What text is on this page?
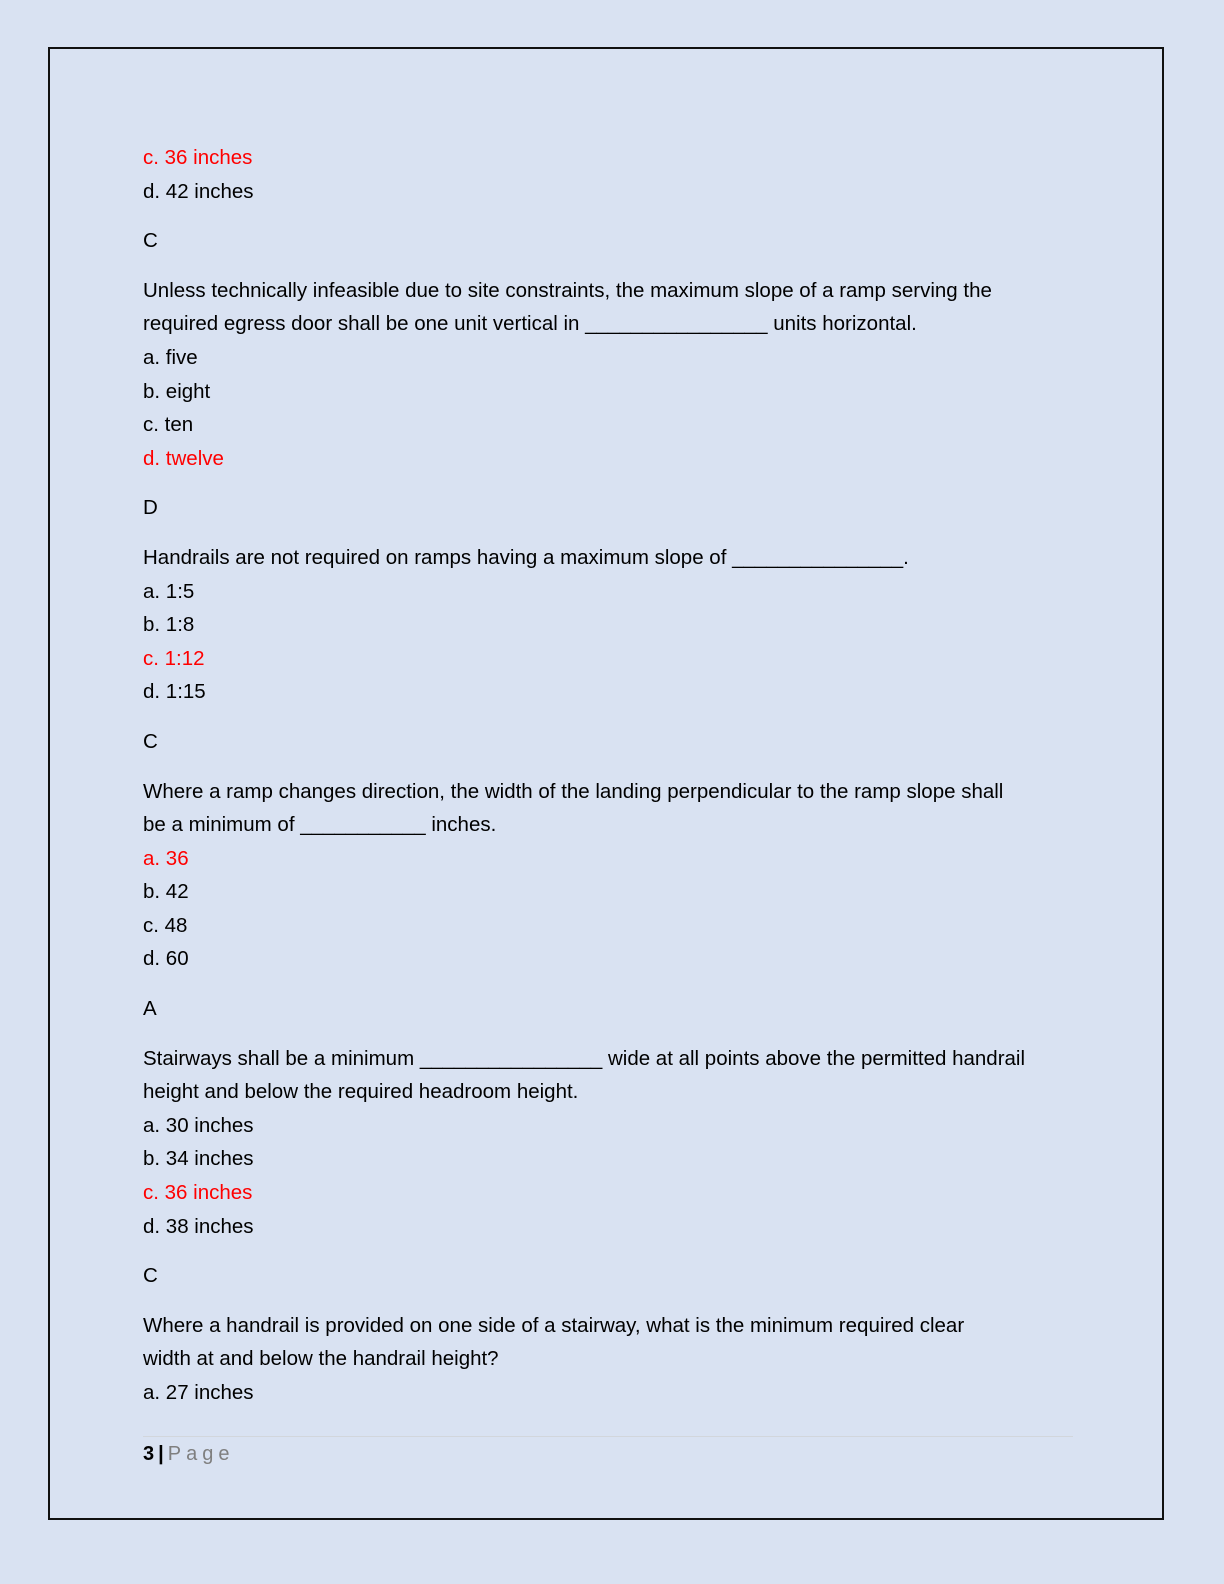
c. 36 inches
d. 42 inches
C
Unless technically infeasible due to site constraints, the maximum slope of a ramp serving the
required egress door shall be one unit vertical in ________________ units horizontal.
a. five
b. eight
c. ten
d. twelve
D
Handrails are not required on ramps having a maximum slope of _______________.
a. 1:5
b. 1:8
c. 1:12
d. 1:15
C
Where a ramp changes direction, the width of the landing perpendicular to the ramp slope shall
be a minimum of ___________ inches.
a. 36
b. 42
c. 48
d. 60
A
Stairways shall be a minimum ________________ wide at all points above the permitted handrail
height and below the required headroom height.
a. 30 inches
b. 34 inches
c. 36 inches
d. 38 inches
C
Where a handrail is provided on one side of a stairway, what is the minimum required clear
width at and below the handrail height?
a. 27 inches
3 | Page
